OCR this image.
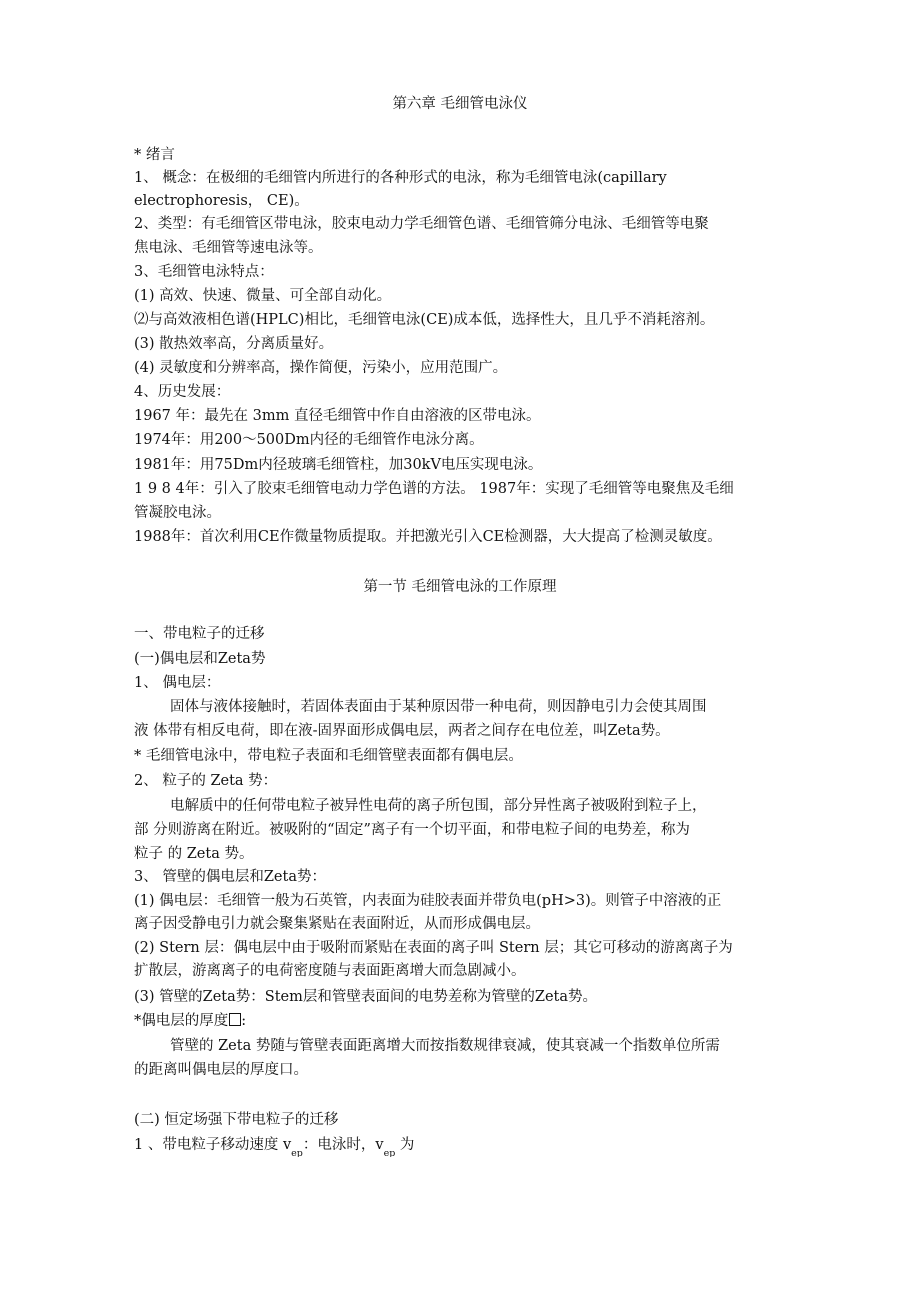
第六章 毛细管电泳仪
* 绪言
1、 概念：在极细的毛细管内所进行的各种形式的电泳，称为毛细管电泳(capillary
electrophoresis， CE)。
2、类型：有毛细管区带电泳，胶束电动力学毛细管色谱、毛细管筛分电泳、毛细管等电聚
焦电泳、毛细管等速电泳等。
3、毛细管电泳特点：
(1) 高效、快速、微量、可全部自动化。
⑵与高效液相色谱(HPLC)相比，毛细管电泳(CE)成本低，选择性大，且几乎不消耗溶剂。
(3) 散热效率高，分离质量好。
(4) 灵敏度和分辨率高，操作简便，污染小，应用范围广。
4、历史发展：
1967 年：最先在 3mm 直径毛细管中作自由溶液的区带电泳。
1974年：用200〜500Dm内径的毛细管作电泳分离。
1981年：用75Dm内径玻璃毛细管柱，加30kV电压实现电泳。
1 9 8 4年：引入了胶束毛细管电动力学色谱的方法。 1987年：实现了毛细管等电聚焦及毛细
管凝胶电泳。
1988年：首次利用CE作微量物质提取。并把激光引入CE检测器，大大提高了检测灵敏度。
第一节 毛细管电泳的工作原理
一、带电粒子的迁移
(一)偶电层和Zeta势
1、 偶电层：
固体与液体接触时，若固体表面由于某种原因带一种电荷，则因静电引力会使其周围
液 体带有相反电荷，即在液-固界面形成偶电层，两者之间存在电位差，叫Zeta势。
* 毛细管电泳中，带电粒子表面和毛细管壁表面都有偶电层。
2、 粒子的 Zeta 势：
电解质中的任何带电粒子被异性电荷的离子所包围，部分异性离子被吸附到粒子上，
部 分则游离在附近。被吸附的“固定”离子有一个切平面，和带电粒子间的电势差，称为
粒子 的 Zeta 势。
3、 管壁的偶电层和Zeta势：
(1) 偶电层：毛细管一般为石英管，内表面为硅胶表面并带负电(pH>3)。则管子中溶液的正
离子因受静电引力就会聚集紧贴在表面附近，从而形成偶电层。
(2) Stern 层：偶电层中由于吸附而紧贴在表面的离子叫 Stern 层；其它可移动的游离离子为
扩散层，游离离子的电荷密度随与表面距离增大而急剧减小。
(3) 管壁的Zeta势：Stem层和管壁表面间的电势差称为管壁的Zeta势。
*偶电层的厚度 :
管壁的 Zeta 势随与管壁表面距离增大而按指数规律衰减，使其衰减一个指数单位所需
的距离叫偶电层的厚度口。
(二) 恒定场强下带电粒子的迁移
1 、带电粒子移动速度 $v_{ep}$：电泳时，$v_{ep}$ 为
